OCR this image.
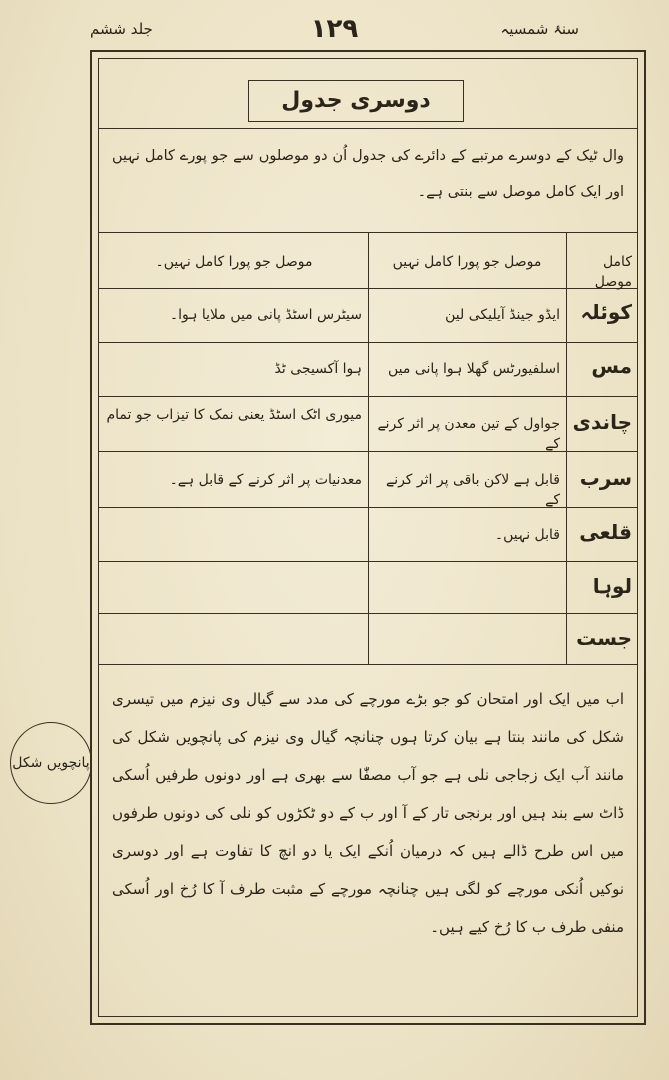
سنۂ شمسیہ
۱۲۹
جلد ششم
دوسری جدول
وال ٹیک کے دوسرے مرتبے کے دائرے کی جدول اُن دو موصلوں سے جو پورے کامل نہیں اور ایک کامل موصل سے بنتی ہے۔
کامل موصل
موصل جو پورا کامل نہیں
موصل جو پورا کامل نہیں۔
کوئلہ
ایڈو جینڈ آیلیکی لین
سیٹرس اسٹڈ پانی میں ملایا ہوا۔
مس
اسلفیورٹس گھلا ہوا پانی میں
ہوا آکسیجی ٹڈ
چاندی
جواول کے تین معدن پر اثر کرنے کے
میوری اٹک اسٹڈ یعنی نمک کا تیزاب جو تمام
سرب
قابل ہے لاکن باقی پر اثر کرنے کے
معدنیات پر اثر کرنے کے قابل ہے۔
قلعی
قابل نہیں۔
لوہا
جست
اب میں ایک اور امتحان کو جو بڑے مورچے کی مدد سے گیال وی نیزم میں تیسری شکل کی مانند بنتا ہے بیان کرتا ہوں چنانچہ گیال وی نیزم کی پانچویں شکل کی مانند آب ایک زجاجی نلی ہے جو آب مصفّٰا سے بھری ہے اور دونوں طرفیں اُسکی ڈاٹ سے بند ہیں اور برنجی تار کے آ اور ب کے دو ٹکڑوں کو نلی کی دونوں طرفوں میں اس طرح ڈالے ہیں کہ درمیان اُنکے ایک یا دو انچ کا تفاوت ہے اور دوسری نوکیں اُنکی مورچے کو لگی ہیں چنانچہ مورچے کے مثبت طرف آ کا رُخ اور اُسکی منفی طرف ب کا رُخ کیے ہیں۔
پانچویں شکل
